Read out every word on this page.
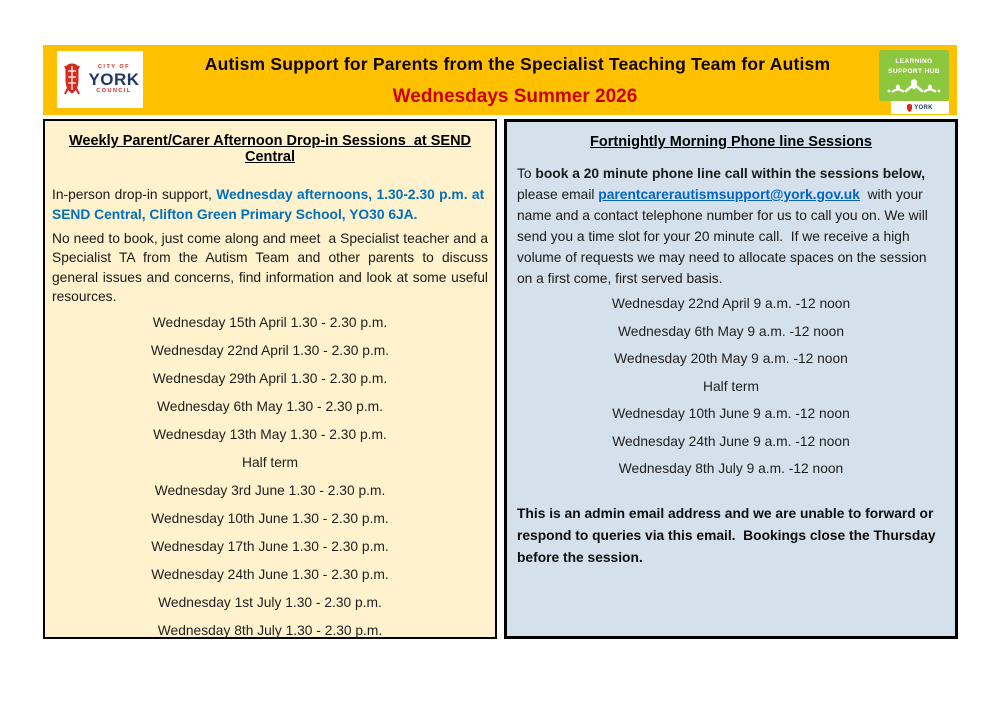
CITY OF
YORK
COUNCIL
Autism Support for Parents from the Specialist Teaching Team for Autism
Wednesdays Summer 2026
LEARNING
SUPPORT HUB
YORK
Weekly Parent/Carer Afternoon Drop-in Sessions  at SEND Central
In-person drop-in support, Wednesday afternoons, 1.30-2.30 p.m. at  SEND Central, Clifton Green Primary School, YO30 6JA.
No need to book, just come along and meet  a Specialist teacher and a Specialist TA from the Autism Team and other parents to discuss general issues and concerns, find information and look at some useful resources.
Wednesday 15th April 1.30 - 2.30 p.m.
Wednesday 22nd April 1.30 - 2.30 p.m.
Wednesday 29th April 1.30 - 2.30 p.m.
Wednesday 6th May 1.30 - 2.30 p.m.
Wednesday 13th May 1.30 - 2.30 p.m.
Half term
Wednesday 3rd June 1.30 - 2.30 p.m.
Wednesday 10th June 1.30 - 2.30 p.m.
Wednesday 17th June 1.30 - 2.30 p.m.
Wednesday 24th June 1.30 - 2.30 p.m.
Wednesday 1st July 1.30 - 2.30 p.m.
Wednesday 8th July 1.30 - 2.30 p.m.
Fortnightly Morning Phone line Sessions
To book a 20 minute phone line call within the sessions below, please email parentcarerautismsupport@york.gov.uk  with your name and a contact telephone number for us to call you on. We will send you a time slot for your 20 minute call.  If we receive a high volume of requests we may need to allocate spaces on the session on a first come, first served basis.
Wednesday 22nd April 9 a.m. -12 noon
Wednesday 6th May 9 a.m. -12 noon
Wednesday 20th May 9 a.m. -12 noon
Half term
Wednesday 10th June 9 a.m. -12 noon
Wednesday 24th June 9 a.m. -12 noon
Wednesday 8th July 9 a.m. -12 noon
This is an admin email address and we are unable to forward or respond to queries via this email.  Bookings close the Thursday before the session.
